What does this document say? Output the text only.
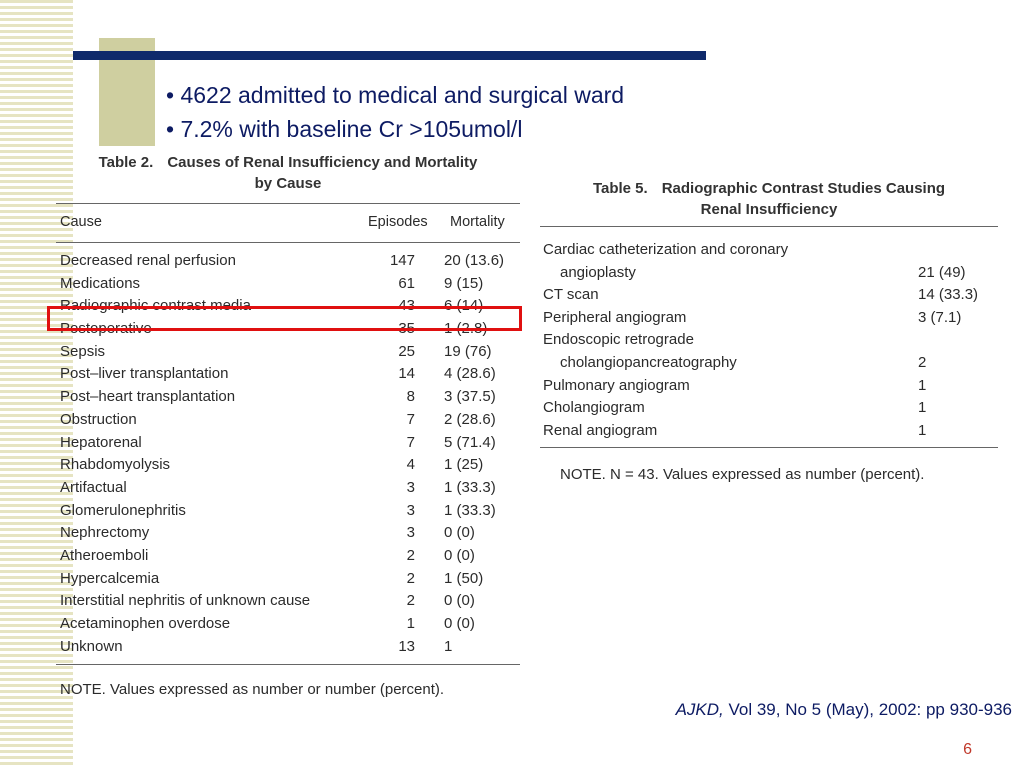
• 4622 admitted to medical and surgical ward
• 7.2% with baseline Cr >105umol/l
Table 2. Causes of Renal Insufficiency and Mortality
by Cause
Cause	Episodes Mortality
Decreased renal perfusion	147 20 (13.6)
Medications	61 9 (15)
Radiographic contrast media	43 6 (14)
Postoperative	35 1 (2.8)
Sepsis	25 19 (76)
Post–liver transplantation	14 4 (28.6)
Post–heart transplantation	8 3 (37.5)
Obstruction	7 2 (28.6)
Hepatorenal	7 5 (71.4)
Rhabdomyolysis	4 1 (25)
Artifactual	3 1 (33.3)
Glomerulonephritis	3 1 (33.3)
Nephrectomy	3 0 (0)
Atheroemboli	2 0 (0)
Hypercalcemia	2 1 (50)
Interstitial nephritis of unknown cause	2 0 (0)
Acetaminophen overdose	1 0 (0)
Unknown	13 1
NOTE. Values expressed as number or number (percent).
Table 5. Radiographic Contrast Studies Causing
Renal Insufficiency
Cardiac catheterization and coronary
angioplasty	21 (49)
CT scan	14 (33.3)
Peripheral angiogram	3 (7.1)
Endoscopic retrograde
cholangiopancreatography	2
Pulmonary angiogram	1
Cholangiogram	1
Renal angiogram	1
NOTE. N = 43. Values expressed as number (percent).
AJKD, Vol 39, No 5 (May), 2002: pp 930-936
6
